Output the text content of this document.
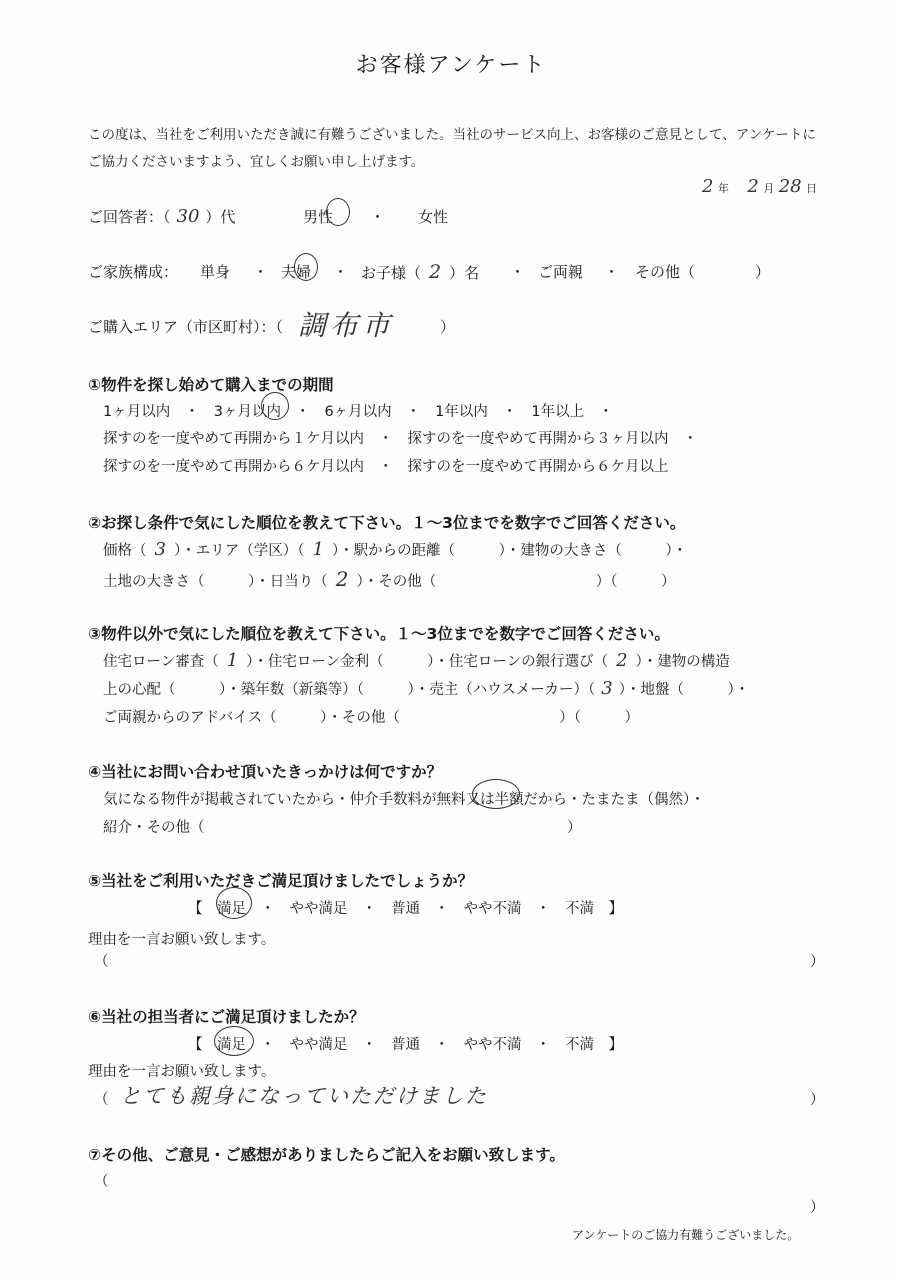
お客様アンケート
この度は、当社をご利用いただき誠に有難うございました。当社のサービス向上、お客様のご意見として、アンケートに
ご協力くださいますよう、宜しくお願い申し上げます。
2 年 2 月 28 日
ご回答者：（ 30 ）代	男性 ・ 女性
ご家族構成： 単身 ・ 夫婦 ・ お子様（ 2 ）名 ・ ご両親 ・ その他（　　　　）
ご購入エリア（市区町村）：（ 調布市	）
①物件を探し始めて購入までの期間
1ヶ月以内　・　3ヶ月以内　・　6ヶ月以内　・　1年以内　・　1年以上　・
探すのを一度やめて再開から１ケ月以内　・　探すのを一度やめて再開から３ヶ月以内　・
探すのを一度やめて再開から６ケ月以内　・　探すのを一度やめて再開から６ケ月以上
②お探し条件で気にした順位を教えて下さい。１～3位までを数字でご回答ください。
価格（ 3 ）・エリア（学区）（ 1 ）・駅からの距離（　　　）・建物の大きさ（　　　）・
土地の大きさ（　　　）・日当り（ 2 ）・その他（　　　　　　　　　　　）（　　　）
③物件以外で気にした順位を教えて下さい。１～3位までを数字でご回答ください。
住宅ローン審査（ 1 ）・住宅ローン金利（　　　）・住宅ローンの銀行選び（ 2 ）・建物の構造
上の心配（　　　）・築年数（新築等）（　　　）・売主（ハウスメーカー）（ 3 ）・地盤（　　　）・
ご両親からのアドバイス（　　　）・その他（　　　　　　　　　　　）（　　　）
④当社にお問い合わせ頂いたきっかけは何ですか？
気になる物件が掲載されていたから・仲介手数料が無料又は半額だから・たまたま（偶然）・
紹介・その他（　　　　　　　　　　　　　　　　　　　　　　　　　）
⑤当社をご利用いただきご満足頂けましたでしょうか？
【　満足　・　やや満足　・　普通　・　やや不満　・　不満　】
理由を一言お願い致します。
（	）
⑥当社の担当者にご満足頂けましたか？
【　満足　・　やや満足　・　普通　・　やや不満　・　不満　】
理由を一言お願い致します。
（ とても親身になっていただけました	）
⑦その他、ご意見・ご感想がありましたらご記入をお願い致します。
（
）
アンケートのご協力有難うございました。
